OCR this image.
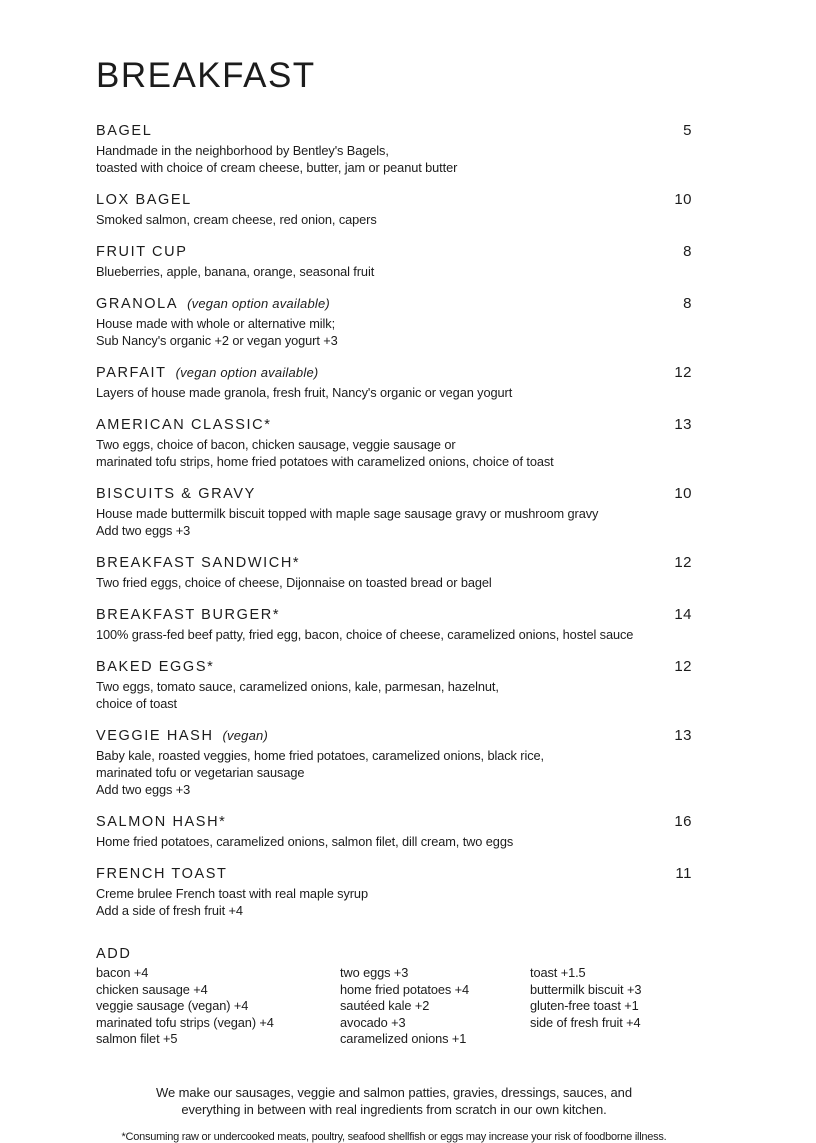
BREAKFAST
BAGEL	5
Handmade in the neighborhood by Bentley's Bagels,
toasted with choice of cream cheese, butter, jam or peanut butter
LOX BAGEL	10
Smoked salmon, cream cheese, red onion, capers
FRUIT CUP	8
Blueberries, apple, banana, orange, seasonal fruit
GRANOLA (vegan option available)	8
House made with whole or alternative milk;
Sub Nancy's organic +2 or vegan yogurt +3
PARFAIT (vegan option available)	12
Layers of house made granola, fresh fruit, Nancy's organic or vegan yogurt
AMERICAN CLASSIC*	13
Two eggs, choice of bacon, chicken sausage, veggie sausage or
marinated tofu strips, home fried potatoes with caramelized onions, choice of toast
BISCUITS & GRAVY	10
House made buttermilk biscuit topped with maple sage sausage gravy or mushroom gravy
Add two eggs +3
BREAKFAST SANDWICH*	12
Two fried eggs, choice of cheese, Dijonnaise on toasted bread or bagel
BREAKFAST BURGER*	14
100% grass-fed beef patty, fried egg, bacon, choice of cheese, caramelized onions, hostel sauce
BAKED EGGS*	12
Two eggs, tomato sauce, caramelized onions, kale, parmesan, hazelnut,
choice of toast
VEGGIE HASH (vegan)	13
Baby kale, roasted veggies, home fried potatoes, caramelized onions, black rice,
marinated tofu or vegetarian sausage
Add two eggs +3
SALMON HASH*	16
Home fried potatoes, caramelized onions, salmon filet, dill cream, two eggs
FRENCH TOAST	11
Creme brulee French toast with real maple syrup
Add a side of fresh fruit +4
ADD
bacon +4
chicken sausage +4
veggie sausage (vegan) +4
marinated tofu strips (vegan) +4
salmon filet +5
two eggs +3
home fried potatoes +4
sautéed kale +2
avocado +3
caramelized onions +1
toast +1.5
buttermilk biscuit +3
gluten-free toast +1
side of fresh fruit +4

We make our sausages, veggie and salmon patties, gravies, dressings, sauces, and
everything in between with real ingredients from scratch in our own kitchen.

*Consuming raw or undercooked meats, poultry, seafood shellfish or eggs may increase your risk of foodborne illness.
